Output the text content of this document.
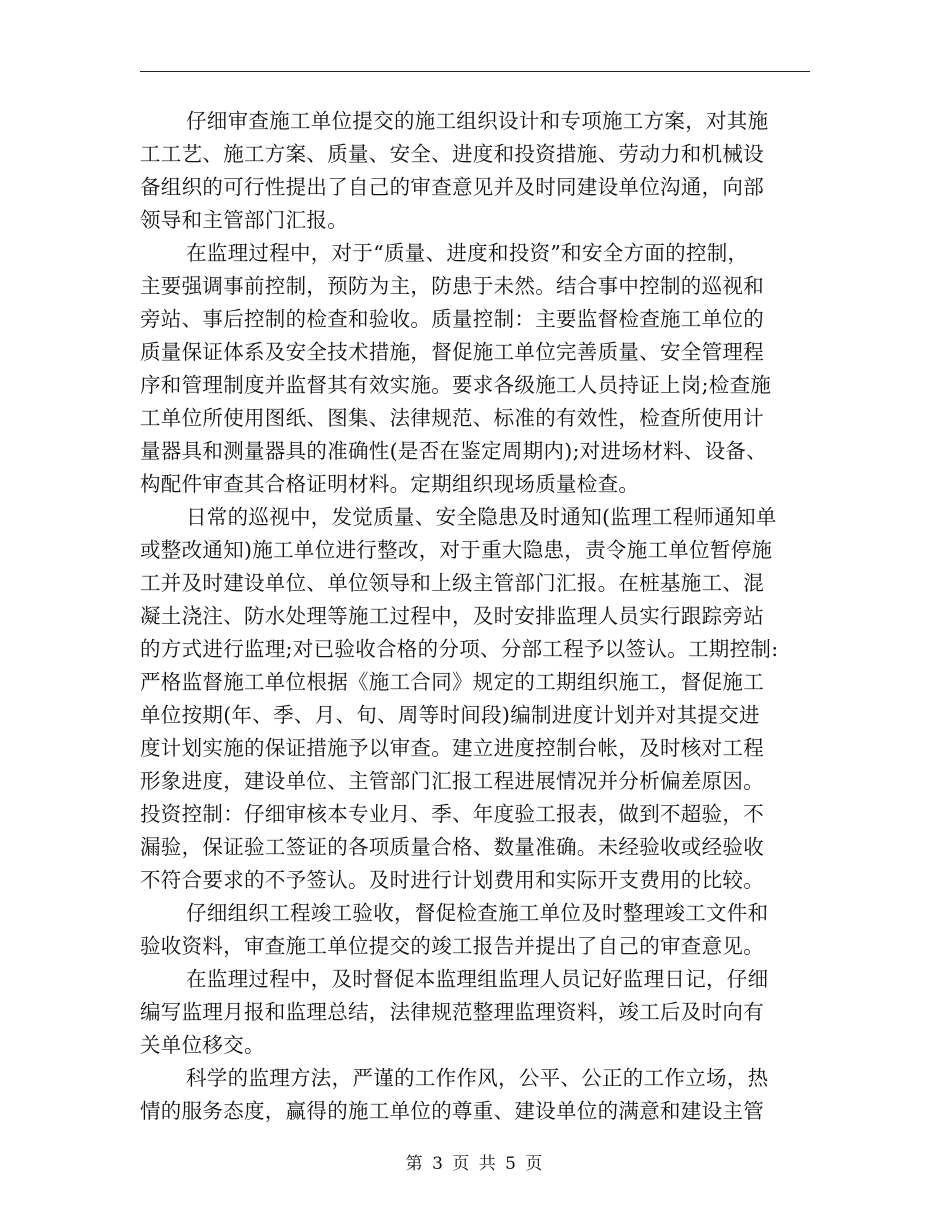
仔细审查施工单位提交的施工组织设计和专项施工方案，对其施
工工艺、施工方案、质量、安全、进度和投资措施、劳动力和机械设
备组织的可行性提出了自己的审查意见并及时同建设单位沟通，向部
领导和主管部门汇报。
在监理过程中，对于“质量、进度和投资”和安全方面的控制，
主要强调事前控制，预防为主，防患于未然。结合事中控制的巡视和
旁站、事后控制的检查和验收。质量控制：主要监督检查施工单位的
质量保证体系及安全技术措施，督促施工单位完善质量、安全管理程
序和管理制度并监督其有效实施。要求各级施工人员持证上岗;检查施
工单位所使用图纸、图集、法律规范、标准的有效性，检查所使用计
量器具和测量器具的准确性(是否在鉴定周期内);对进场材料、设备、
构配件审查其合格证明材料。定期组织现场质量检查。
日常的巡视中，发觉质量、安全隐患及时通知(监理工程师通知单
或整改通知)施工单位进行整改，对于重大隐患，责令施工单位暂停施
工并及时建设单位、单位领导和上级主管部门汇报。在桩基施工、混
凝土浇注、防水处理等施工过程中，及时安排监理人员实行跟踪旁站
的方式进行监理;对已验收合格的分项、分部工程予以签认。工期控制:
严格监督施工单位根据《施工合同》规定的工期组织施工，督促施工
单位按期(年、季、月、旬、周等时间段)编制进度计划并对其提交进
度计划实施的保证措施予以审查。建立进度控制台帐，及时核对工程
形象进度，建设单位、主管部门汇报工程进展情况并分析偏差原因。
投资控制：仔细审核本专业月、季、年度验工报表，做到不超验，不
漏验，保证验工签证的各项质量合格、数量准确。未经验收或经验收
不符合要求的不予签认。及时进行计划费用和实际开支费用的比较。
仔细组织工程竣工验收，督促检查施工单位及时整理竣工文件和
验收资料，审查施工单位提交的竣工报告并提出了自己的审查意见。
在监理过程中，及时督促本监理组监理人员记好监理日记，仔细
编写监理月报和监理总结，法律规范整理监理资料，竣工后及时向有
关单位移交。
科学的监理方法，严谨的工作作风，公平、公正的工作立场，热
情的服务态度，赢得的施工单位的尊重、建设单位的满意和建设主管
第 3 页 共 5 页
